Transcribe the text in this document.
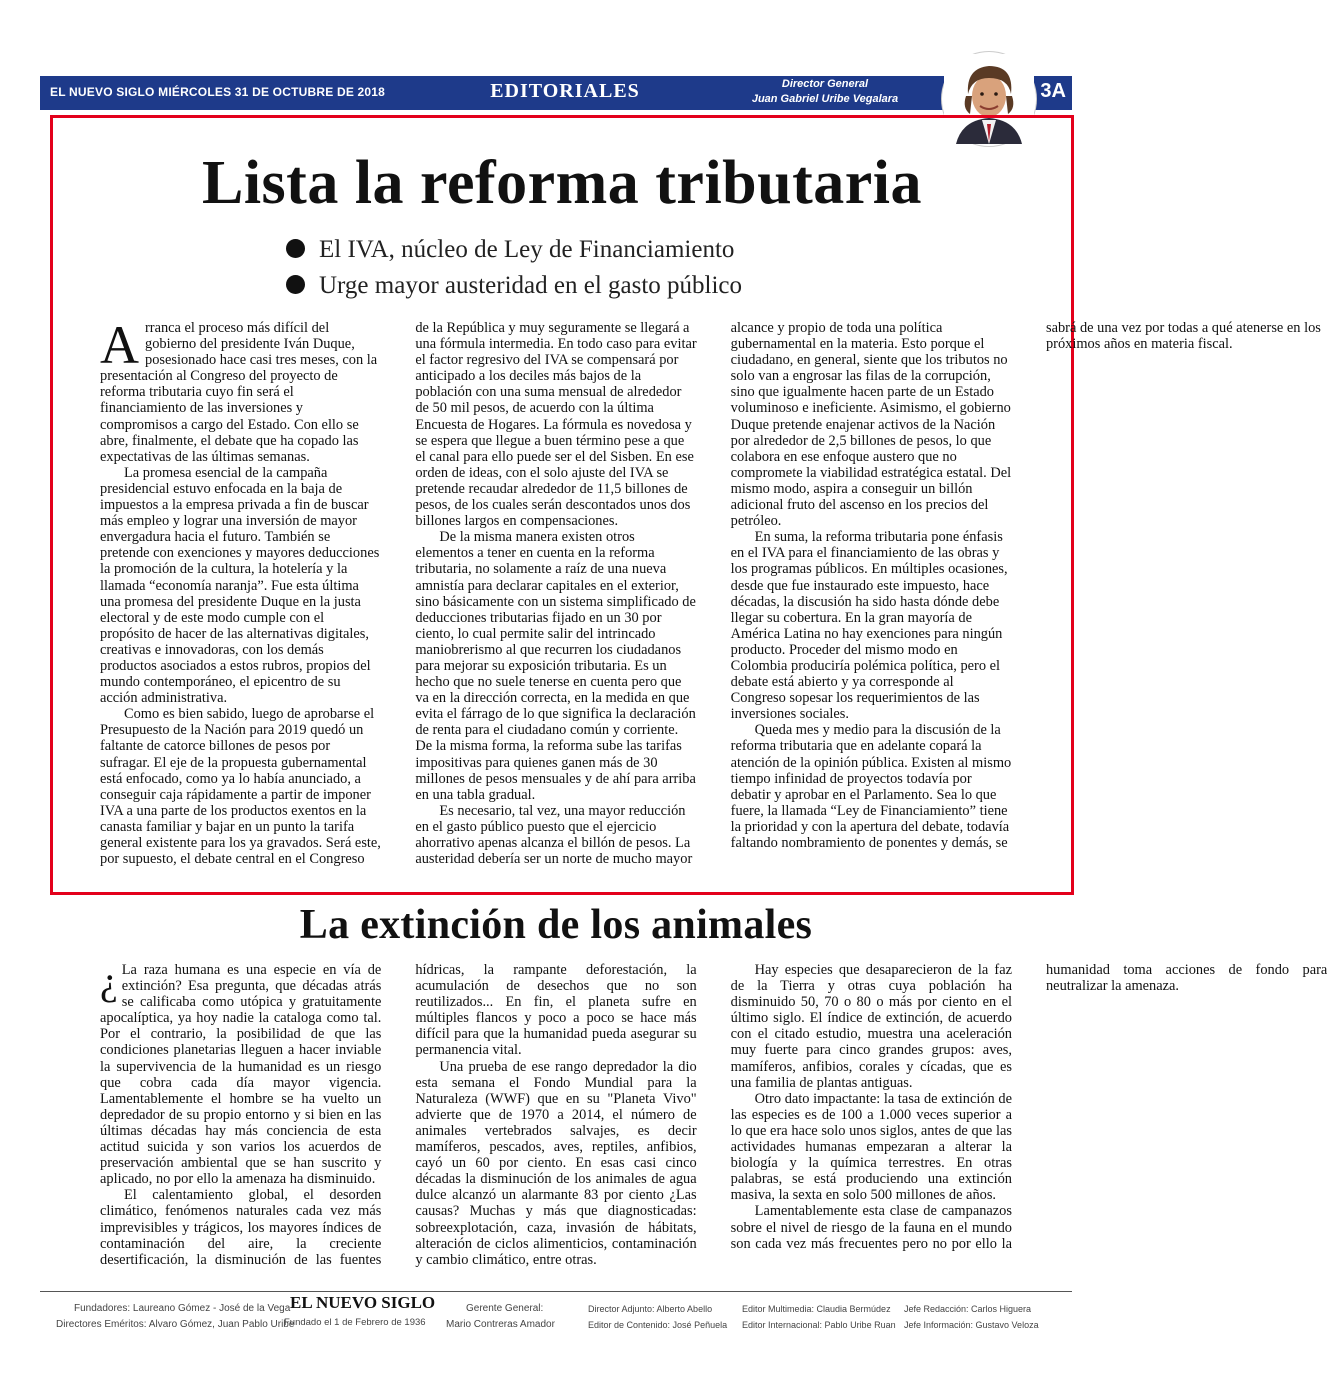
EL NUEVO SIGLO MIÉRCOLES 31 DE OCTUBRE DE 2018	EDITORIALES	Director General
Juan Gabriel Uribe Vegalara	3A
Lista la reforma tributaria
El IVA, núcleo de Ley de Financiamiento
Urge mayor austeridad en el gasto público

Arranca el proceso más difícil del gobierno del presidente Iván Duque, posesionado hace casi tres meses, con la presentación al Congreso del proyecto de reforma tributaria cuyo fin será el financiamiento de las inversiones y compromisos a cargo del Estado. Con ello se abre, finalmente, el debate que ha copado las expectativas de las últimas semanas.

La promesa esencial de la campaña presidencial estuvo enfocada en la baja de impuestos a la empresa privada a fin de buscar más empleo y lograr una inversión de mayor envergadura hacia el futuro. También se pretende con exenciones y mayores deducciones la promoción de la cultura, la hotelería y la llamada “economía naranja”. Fue esta última una promesa del presidente Duque en la justa electoral y de este modo cumple con el propósito de hacer de las alternativas digitales, creativas e innovadoras, con los demás productos asociados a estos rubros, propios del mundo contemporáneo, el epicentro de su acción administrativa.

Como es bien sabido, luego de aprobarse el Presupuesto de la Nación para 2019 quedó un faltante de catorce billones de pesos por sufragar. El eje de la propuesta gubernamental está enfocado, como ya lo había anunciado, a conseguir caja rápidamente a partir de imponer IVA a una parte de los productos exentos en la canasta familiar y bajar en un punto la tarifa general existente para los ya gravados. Será este, por supuesto, el debate central en el Congreso de la República y muy seguramente se llegará a una fórmula intermedia. En todo caso para evitar el factor regresivo del IVA se compensará por anticipado a los deciles más bajos de la población con una suma mensual de alrededor de 50 mil pesos, de acuerdo con la última Encuesta de Hogares. La fórmula es novedosa y se espera que llegue a buen término pese a que el canal para ello puede ser el del Sisben. En ese orden de ideas, con el solo ajuste del IVA se pretende recaudar alrededor de 11,5 billones de pesos, de los cuales serán descontados unos dos billones largos en compensaciones.

De la misma manera existen otros elementos a tener en cuenta en la reforma tributaria, no solamente a raíz de una nueva amnistía para declarar capitales en el exterior, sino básicamente con un sistema simplificado de deducciones tributarias fijado en un 30 por ciento, lo cual permite salir del intrincado maniobrerismo al que recurren los ciudadanos para mejorar su exposición tributaria. Es un hecho que no suele tenerse en cuenta pero que va en la dirección correcta, en la medida en que evita el fárrago de lo que significa la declaración de renta para el ciudadano común y corriente. De la misma forma, la reforma sube las tarifas impositivas para quienes ganen más de 30 millones de pesos mensuales y de ahí para arriba en una tabla gradual.

Es necesario, tal vez, una mayor reducción en el gasto público puesto que el ejercicio ahorrativo apenas alcanza el billón de pesos. La austeridad debería ser un norte de mucho mayor alcance y propio de toda una política gubernamental en la materia. Esto porque el ciudadano, en general, siente que los tributos no solo van a engrosar las filas de la corrupción, sino que igualmente hacen parte de un Estado voluminoso e ineficiente. Asimismo, el gobierno Duque pretende enajenar activos de la Nación por alrededor de 2,5 billones de pesos, lo que colabora en ese enfoque austero que no compromete la viabilidad estratégica estatal. Del mismo modo, aspira a conseguir un billón adicional fruto del ascenso en los precios del petróleo.

En suma, la reforma tributaria pone énfasis en el IVA para el financiamiento de las obras y los programas públicos. En múltiples ocasiones, desde que fue instaurado este impuesto, hace décadas, la discusión ha sido hasta dónde debe llegar su cobertura. En la gran mayoría de América Latina no hay exenciones para ningún producto. Proceder del mismo modo en Colombia produciría polémica política, pero el debate está abierto y ya corresponde al Congreso sopesar los requerimientos de las inversiones sociales.

Queda mes y medio para la discusión de la reforma tributaria que en adelante copará la atención de la opinión pública. Existen al mismo tiempo infinidad de proyectos todavía por debatir y aprobar en el Parlamento. Sea lo que fuere, la llamada “Ley de Financiamiento” tiene la prioridad y con la apertura del debate, todavía faltando nombramiento de ponentes y demás, se sabrá de una vez por todas a qué atenerse en los próximos años en materia fiscal.

La extinción de los animales

¿ La raza humana es una especie en vía de extinción? Esa pregunta, que décadas atrás se calificaba como utópica y gratuitamente apocalíptica, ya hoy nadie la cataloga como tal. Por el contrario, la posibilidad de que las condiciones planetarias lleguen a hacer inviable la supervivencia de la humanidad es un riesgo que cobra cada día mayor vigencia. Lamentablemente el hombre se ha vuelto un depredador de su propio entorno y si bien en las últimas décadas hay más conciencia de esta actitud suicida y son varios los acuerdos de preservación ambiental que se han suscrito y aplicado, no por ello la amenaza ha disminuido.

El calentamiento global, el desorden climático, fenómenos naturales cada vez más imprevisibles y trágicos, los mayores índices de contaminación del aire, la creciente desertificación, la disminución de las fuentes hídricas, la rampante deforestación, la acumulación de desechos que no son reutilizados... En fin, el planeta sufre en múltiples flancos y poco a poco se hace más difícil para que la humanidad pueda asegurar su permanencia vital.

Una prueba de ese rango depredador la dio esta semana el Fondo Mundial para la Naturaleza (WWF) que en su "Planeta Vivo" advierte que de 1970 a 2014, el número de animales vertebrados salvajes, es decir mamíferos, pescados, aves, reptiles, anfibios, cayó un 60 por ciento. En esas casi cinco décadas la disminución de los animales de agua dulce alcanzó un alarmante 83 por ciento ¿Las causas? Muchas y más que diagnosticadas: sobreexplotación, caza, invasión de hábitats, alteración de ciclos alimenticios, contaminación y cambio climático, entre otras.

Hay especies que desaparecieron de la faz de la Tierra y otras cuya población ha disminuido 50, 70 o 80 o más por ciento en el último siglo. El índice de extinción, de acuerdo con el citado estudio, muestra una aceleración muy fuerte para cinco grandes grupos: aves, mamíferos, anfibios, corales y cícadas, que es una familia de plantas antiguas.

Otro dato impactante: la tasa de extinción de las especies es de 100 a 1.000 veces superior a lo que era hace solo unos siglos, antes de que las actividades humanas empezaran a alterar la biología y la química terrestres. En otras palabras, se está produciendo una extinción masiva, la sexta en solo 500 millones de años.

Lamentablemente esta clase de campanazos sobre el nivel de riesgo de la fauna en el mundo son cada vez más frecuentes pero no por ello la humanidad toma acciones de fondo para neutralizar la amenaza.

Fundadores: Laureano Gómez - José de la Vega
Directores Eméritos: Alvaro Gómez, Juan Pablo Uribe
EL NUEVO SIGLO
Fundado el 1 de Febrero de 1936
Gerente General:
Mario Contreras Amador
Director Adjunto: Alberto Abello
Editor de Contenido: José Peñuela
Editor Multimedia: Claudia Bermúdez
Editor Internacional: Pablo Uribe Ruan
Jefe Redacción: Carlos Higuera
Jefe Información: Gustavo Veloza
